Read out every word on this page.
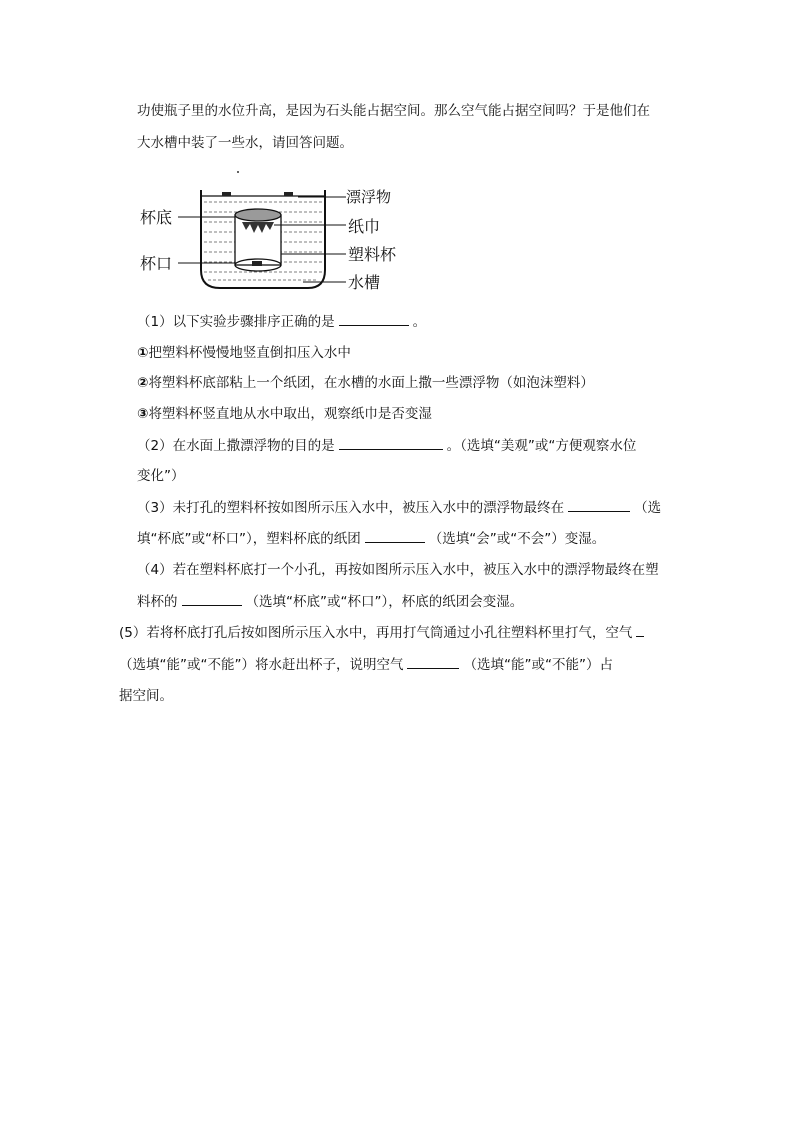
功使瓶子里的水位升高，是因为石头能占据空间。那么空气能占据空间吗？于是他们在
大水槽中装了一些水，请回答问题。
杯底
杯口
漂浮物
纸巾
塑料杯
水槽
（1）以下实验步骤排序正确的是	。
①把塑料杯慢慢地竖直倒扣压入水中
②将塑料杯底部粘上一个纸团，在水槽的水面上撒一些漂浮物（如泡沫塑料）
③将塑料杯竖直地从水中取出，观察纸巾是否变湿
（2）在水面上撒漂浮物的目的是	。（选填“美观”或“方便观察水位
变化”）
（3）未打孔的塑料杯按如图所示压入水中，被压入水中的漂浮物最终在	（选
填“杯底”或“杯口”），塑料杯底的纸团	（选填“会”或“不会”）变湿。
（4）若在塑料杯底打一个小孔，再按如图所示压入水中，被压入水中的漂浮物最终在塑
料杯的	（选填“杯底”或“杯口”），杯底的纸团会变湿。
(5）若将杯底打孔后按如图所示压入水中，再用打气筒通过小孔往塑料杯里打气，空气
（选填“能”或“不能”）将水赶出杯子，说明空气	（选填“能”或“不能”）占
据空间。
